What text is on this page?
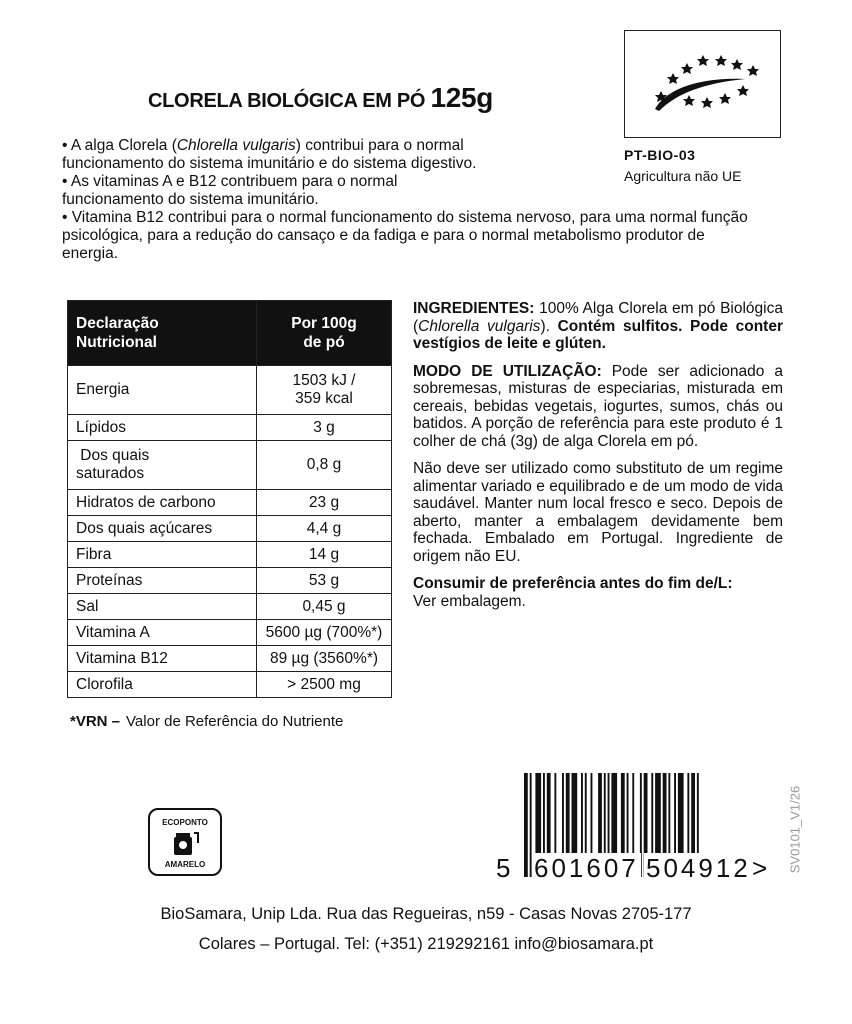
CLORELA BIOLÓGICA EM PÓ 125g
PT-BIO-03
Agricultura não UE
• A alga Clorela (Chlorella vulgaris) contribui para o normal funcionamento do sistema imunitário e do sistema digestivo.
• As vitaminas A e B12 contribuem para o normal funcionamento do sistema imunitário.
• Vitamina B12 contribui para o normal funcionamento do sistema nervoso, para uma normal função psicológica, para a redução do cansaço e da fadiga e para o normal metabolismo produtor de energia.
Declaração
Nutricional	Por 100g
de pó
Energia	1503 kJ /
359 kcal
Lípidos	3 g
Dos quais
saturados	0,8 g
Hidratos de carbono	23 g
Dos quais açúcares	4,4 g
Fibra	14 g
Proteínas	53 g
Sal	0,45 g
Vitamina A	5600 µg (700%*)
Vitamina B12	89 µg (3560%*)
Clorofila	> 2500 mg
*VRN – Valor de Referência do Nutriente

INGREDIENTES: 100% Alga Clorela em pó Biológica (Chlorella vulgaris). Contém sulfitos. Pode conter vestígios de leite e glúten.

MODO DE UTILIZAÇÃO: Pode ser adicionado a sobremesas, misturas de especiarias, misturada em cereais, bebidas vegetais, iogurtes, sumos, chás ou batidos. A porção de referência para este produto é 1 colher de chá (3g) de alga Clorela em pó.

Não deve ser utilizado como substituto de um regime alimentar variado e equilibrado e de um modo de vida saudável. Manter num local fresco e seco. Depois de aberto, manter a embalagem devidamente bem fechada. Embalado em Portugal. Ingrediente de origem não EU.

Consumir de preferência antes do fim de/L:
Ver embalagem.

ECOPONTO
AMARELO	5 601607 504912 > SV0101_V1/26
BioSamara, Unip Lda. Rua das Regueiras, n59 - Casas Novas 2705-177
Colares – Portugal. Tel: (+351) 219292161 info@biosamara.pt
